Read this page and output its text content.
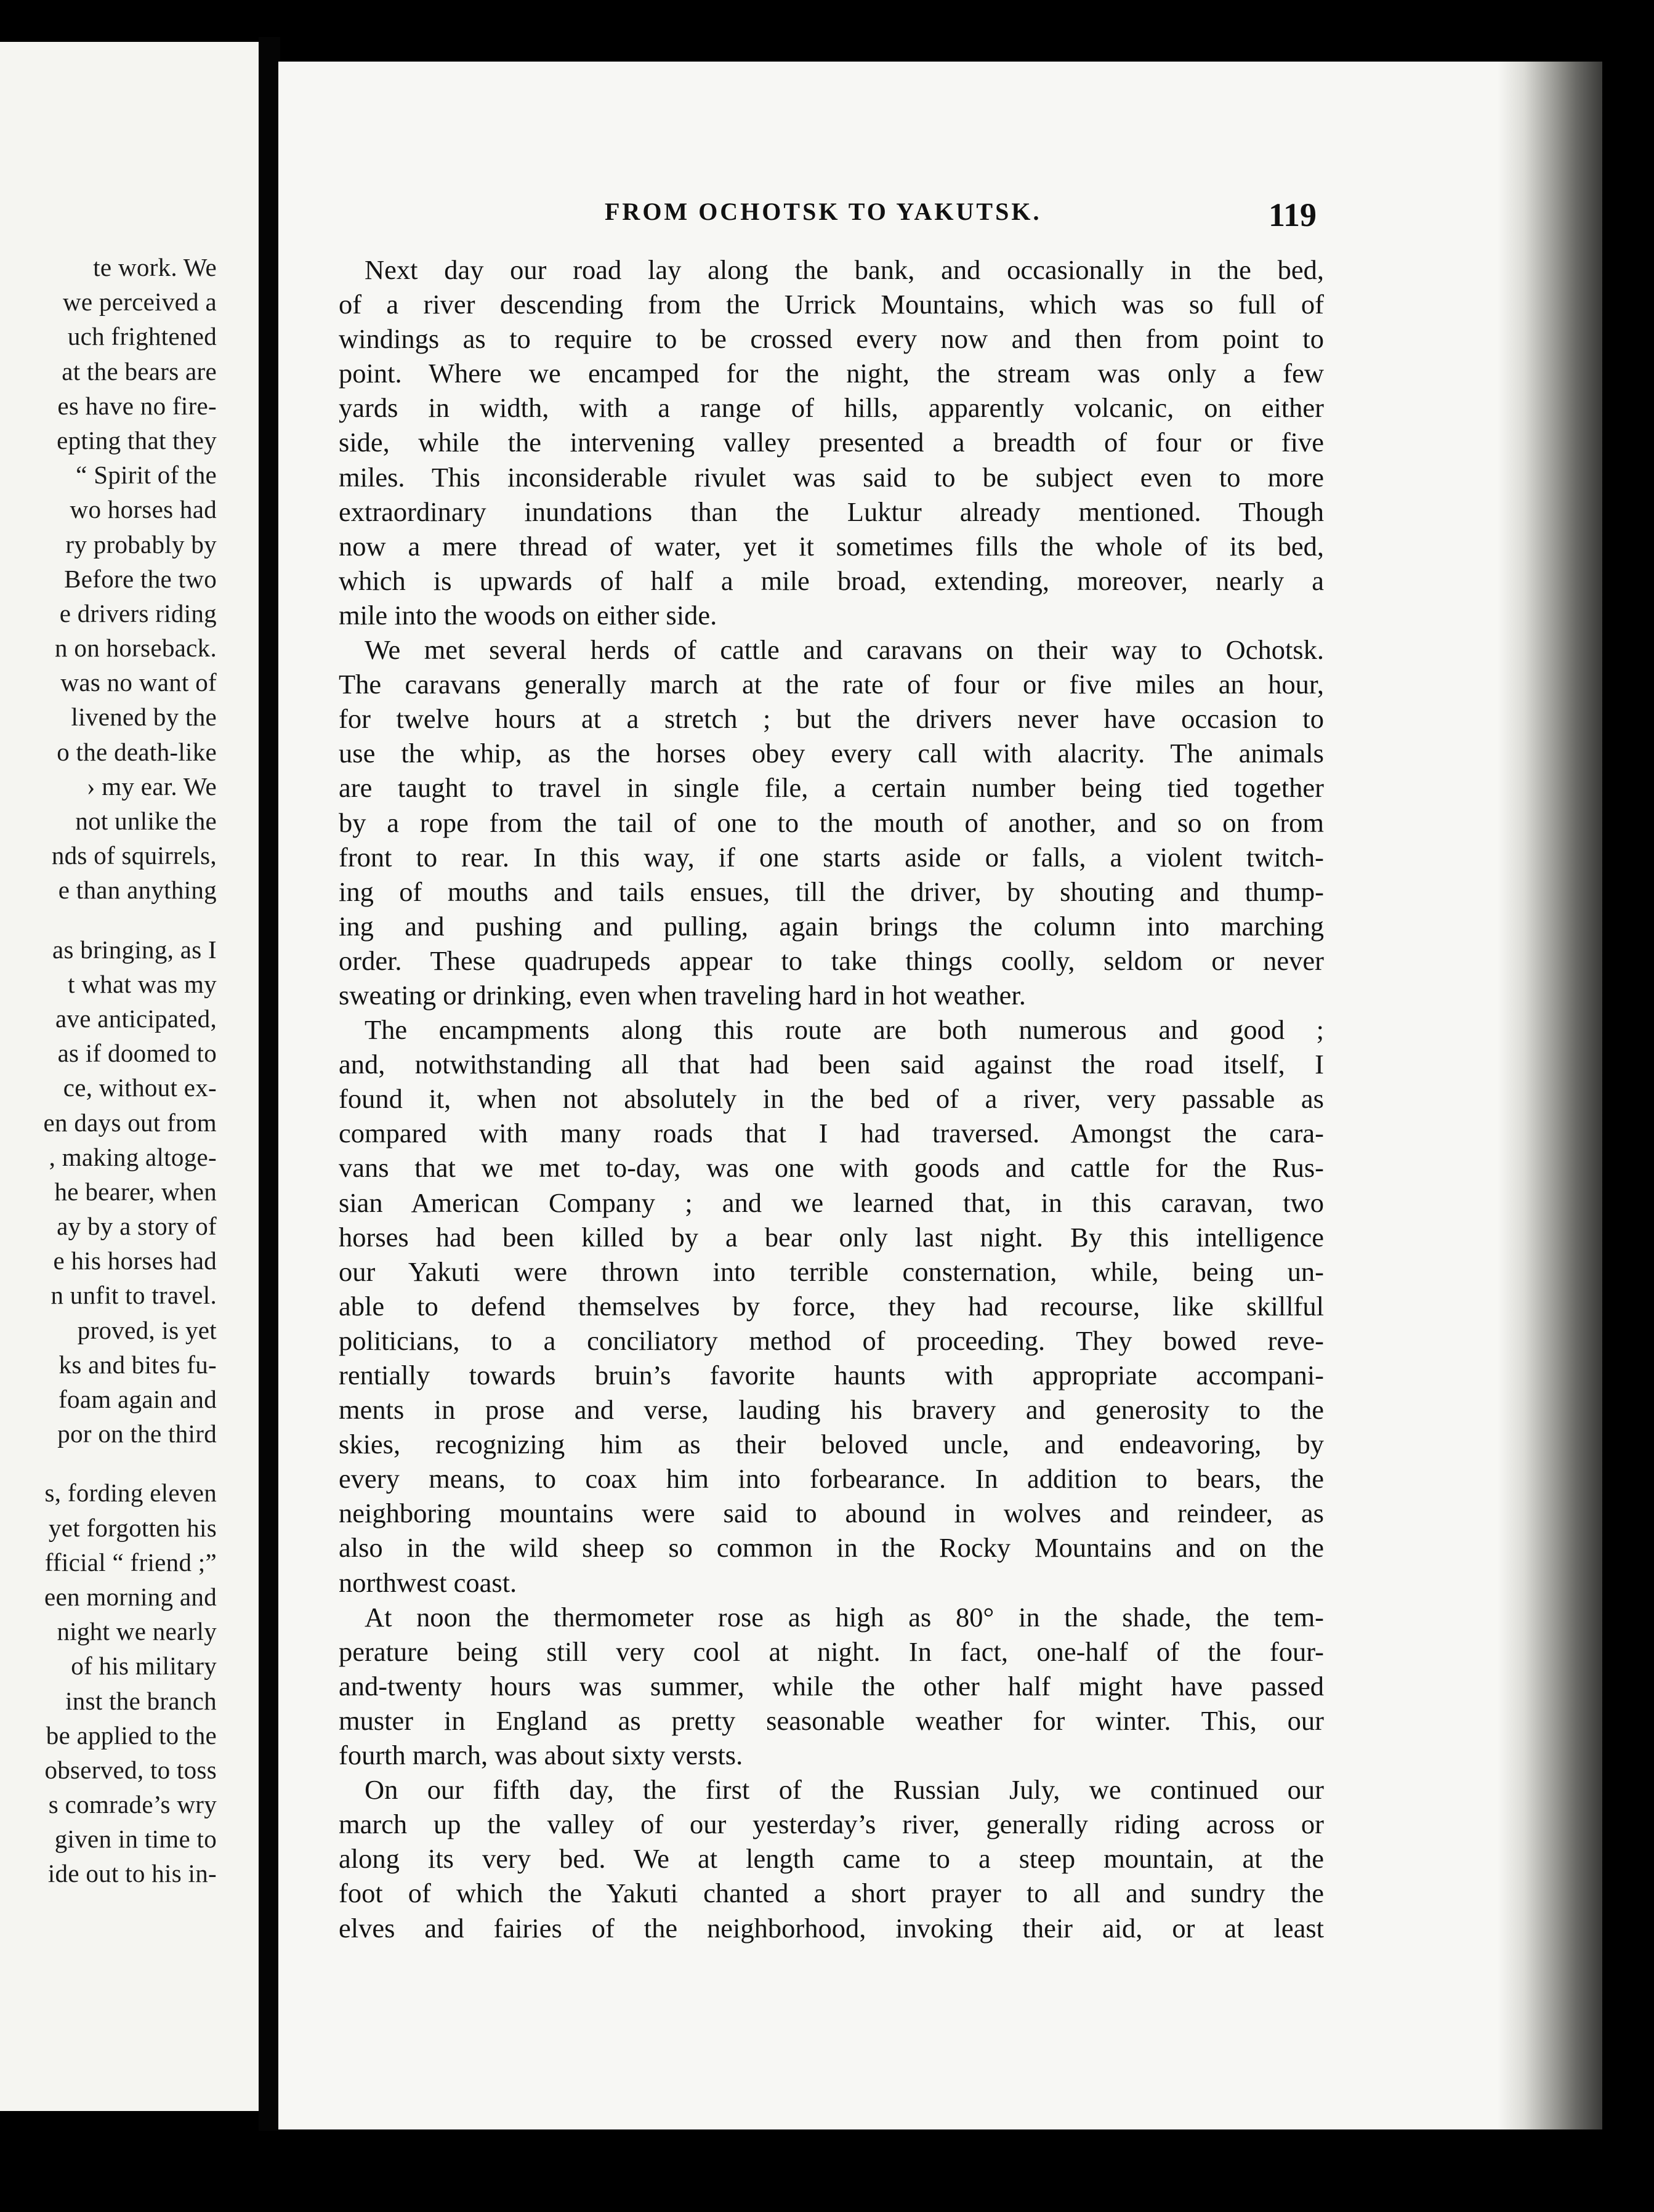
te work. We
we perceived a
uch frightened
at the bears are
es have no fire-
epting that they
“ Spirit of the
wo horses had
ry probably by
Before the two
e drivers riding
n on horseback.
was no want of
livened by the
o the death-like
› my ear. We
not unlike the
nds of squirrels,
e than anything
as bringing, as I
t what was my
ave anticipated,
as if doomed to
ce, without ex-
en days out from
, making altoge-
he bearer, when
ay by a story of
e his horses had
n unfit to travel.
proved, is yet
ks and bites fu-
foam again and
por on the third
s, fording eleven
yet forgotten his
fficial “ friend ;”
een morning and
night we nearly
of his military
inst the branch
be applied to the
observed, to toss
s comrade’s wry
given in time to
ide out to his in-
FROM OCHOTSK TO YAKUTSK.	119
Next day our road lay along the bank, and occasionally in the bed,
of a river descending from the Urrick Mountains, which was so full of
windings as to require to be crossed every now and then from point to
point. Where we encamped for the night, the stream was only a few
yards in width, with a range of hills, apparently volcanic, on either
side, while the intervening valley presented a breadth of four or five
miles. This inconsiderable rivulet was said to be subject even to more
extraordinary inundations than the Luktur already mentioned. Though
now a mere thread of water, yet it sometimes fills the whole of its bed,
which is upwards of half a mile broad, extending, moreover, nearly a
mile into the woods on either side.
We met several herds of cattle and caravans on their way to Ochotsk.
The caravans generally march at the rate of four or five miles an hour,
for twelve hours at a stretch ; but the drivers never have occasion to
use the whip, as the horses obey every call with alacrity. The animals
are taught to travel in single file, a certain number being tied together
by a rope from the tail of one to the mouth of another, and so on from
front to rear. In this way, if one starts aside or falls, a violent twitch-
ing of mouths and tails ensues, till the driver, by shouting and thump-
ing and pushing and pulling, again brings the column into marching
order. These quadrupeds appear to take things coolly, seldom or never
sweating or drinking, even when traveling hard in hot weather.
The encampments along this route are both numerous and good ;
and, notwithstanding all that had been said against the road itself, I
found it, when not absolutely in the bed of a river, very passable as
compared with many roads that I had traversed. Amongst the cara-
vans that we met to-day, was one with goods and cattle for the Rus-
sian American Company ; and we learned that, in this caravan, two
horses had been killed by a bear only last night. By this intelligence
our Yakuti were thrown into terrible consternation, while, being un-
able to defend themselves by force, they had recourse, like skillful
politicians, to a conciliatory method of proceeding. They bowed reve-
rentially towards bruin’s favorite haunts with appropriate accompani-
ments in prose and verse, lauding his bravery and generosity to the
skies, recognizing him as their beloved uncle, and endeavoring, by
every means, to coax him into forbearance. In addition to bears, the
neighboring mountains were said to abound in wolves and reindeer, as
also in the wild sheep so common in the Rocky Mountains and on the
northwest coast.
At noon the thermometer rose as high as 80° in the shade, the tem-
perature being still very cool at night. In fact, one-half of the four-
and-twenty hours was summer, while the other half might have passed
muster in England as pretty seasonable weather for winter. This, our
fourth march, was about sixty versts.
On our fifth day, the first of the Russian July, we continued our
march up the valley of our yesterday’s river, generally riding across or
along its very bed. We at length came to a steep mountain, at the
foot of which the Yakuti chanted a short prayer to all and sundry the
elves and fairies of the neighborhood, invoking their aid, or at least
